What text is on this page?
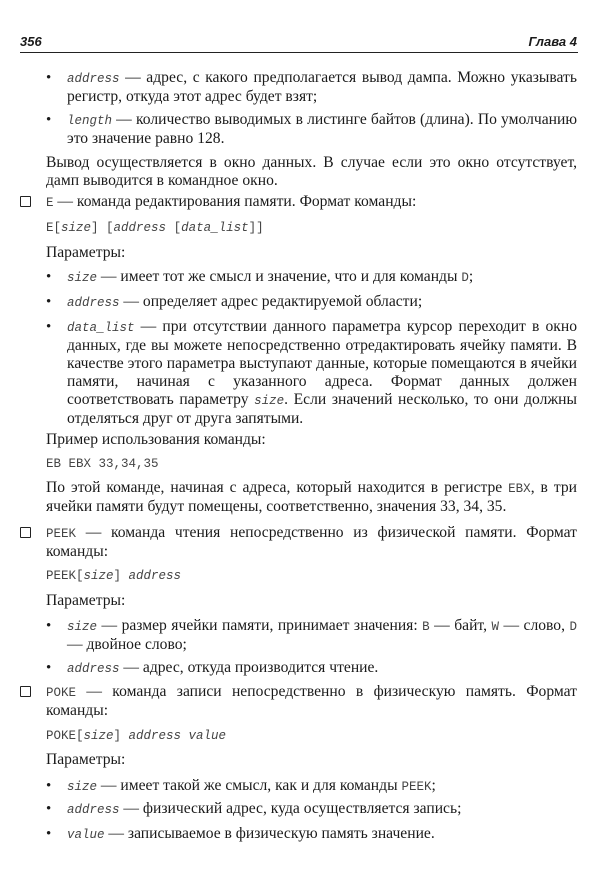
356	Глава 4
• address — адрес, с какого предполагается вывод дампа. Можно указывать регистр, откуда этот адрес будет взят;
• length — количество выводимых в листинге байтов (длина). По умолчанию это значение равно 128.
Вывод осуществляется в окно данных. В случае если это окно отсутствует, дамп выводится в командное окно.
E — команда редактирования памяти. Формат команды:
E[size] [address [data_list]]
Параметры:
• size — имеет тот же смысл и значение, что и для команды D;
• address — определяет адрес редактируемой области;
• data_list — при отсутствии данного параметра курсор переходит в окно данных, где вы можете непосредственно отредактировать ячейку памяти. В качестве этого параметра выступают данные, которые помещаются в ячейки памяти, начиная с указанного адреса. Формат данных должен соответствовать параметру size. Если значений несколько, то они должны отделяться друг от друга запятыми.
Пример использования команды:
EB EBX 33,34,35
По этой команде, начиная с адреса, который находится в регистре EBX, в три ячейки памяти будут помещены, соответственно, значения 33, 34, 35.
PEEK — команда чтения непосредственно из физической памяти. Формат команды:
PEEK[size] address
Параметры:
• size — размер ячейки памяти, принимает значения: B — байт, W — слово, D — двойное слово;
• address — адрес, откуда производится чтение.
POKE — команда записи непосредственно в физическую память. Формат команды:
POKE[size] address value
Параметры:
• size — имеет такой же смысл, как и для команды PEEK;
• address — физический адрес, куда осуществляется запись;
• value — записываемое в физическую память значение.
